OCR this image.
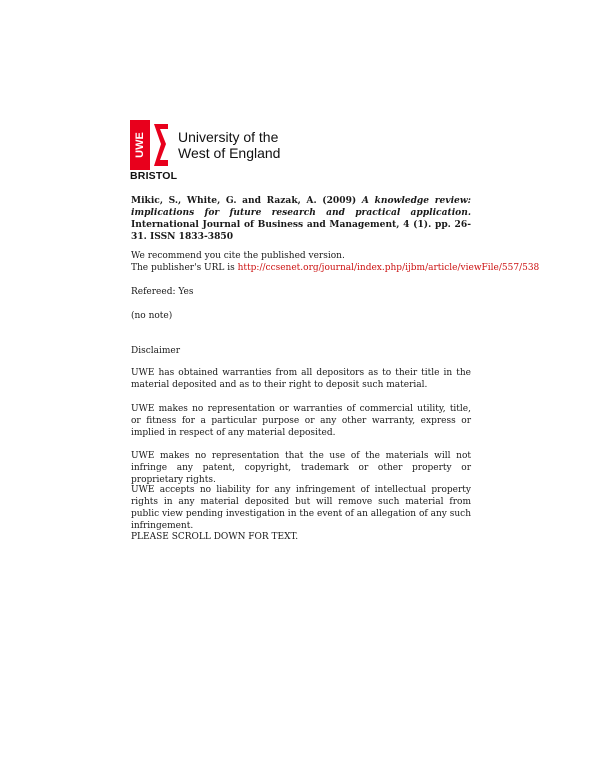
UWE University of the
West of England
BRISTOL
Mikic, S., White, G. and Razak, A. (2009) A knowledge review: implications for future research and practical application. International Journal of Business and Management, 4 (1). pp. 26-31. ISSN 1833-3850
We recommend you cite the published version.
The publisher's URL is http://ccsenet.org/journal/index.php/ijbm/article/viewFile/557/538
Refereed: Yes
(no note)
Disclaimer
UWE has obtained warranties from all depositors as to their title in the material deposited and as to their right to deposit such material.
UWE makes no representation or warranties of commercial utility, title, or fitness for a particular purpose or any other warranty, express or implied in respect of any material deposited.
UWE makes no representation that the use of the materials will not infringe any patent, copyright, trademark or other property or proprietary rights.
UWE accepts no liability for any infringement of intellectual property rights in any material deposited but will remove such material from public view pending investigation in the event of an allegation of any such infringement.
PLEASE SCROLL DOWN FOR TEXT.
